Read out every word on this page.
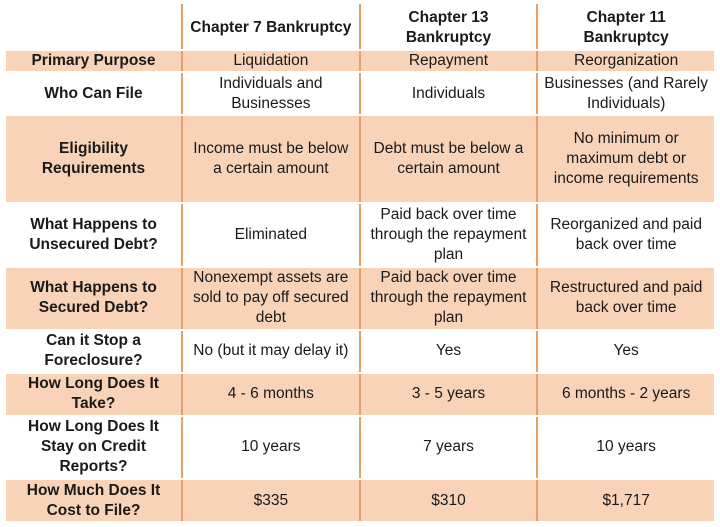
	Chapter 7 Bankruptcy	Chapter 13 Bankruptcy	Chapter 11 Bankruptcy
Primary Purpose	Liquidation	Repayment	Reorganization
Who Can File	Individuals and Businesses	Individuals	Businesses (and Rarely Individuals)
Eligibility Requirements	Income must be below a certain amount	Debt must be below a certain amount	No minimum or maximum debt or income requirements
What Happens to Unsecured Debt?	Eliminated	Paid back over time through the repayment plan	Reorganized and paid back over time
What Happens to Secured Debt?	Nonexempt assets are sold to pay off secured debt	Paid back over time through the repayment plan	Restructured and paid back over time
Can it Stop a Foreclosure?	No (but it may delay it)	Yes	Yes
How Long Does It Take?	4 - 6 months	3 - 5 years	6 months - 2 years
How Long Does It Stay on Credit Reports?	10 years	7 years	10 years
How Much Does It Cost to File?	$335	$310	$1,717
